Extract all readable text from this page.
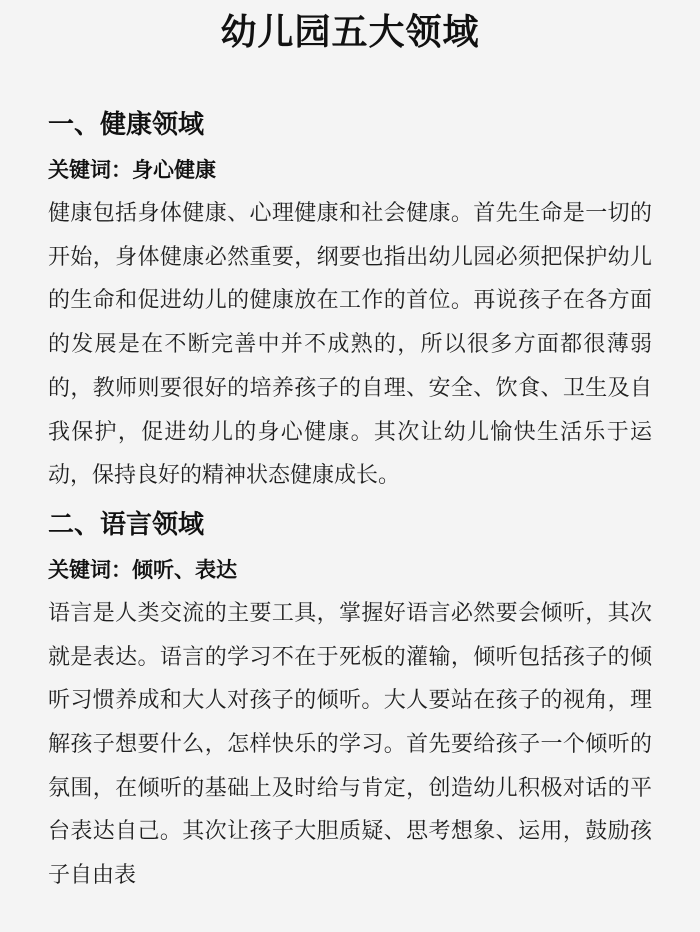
幼儿园五大领域
一、健康领域

关键词：身心健康

健康包括身体健康、心理健康和社会健康。首先生命是一切的开始，身体健康必然重要，纲要也指出幼儿园必须把保护幼儿的生命和促进幼儿的健康放在工作的首位。再说孩子在各方面的发展是在不断完善中并不成熟的，所以很多方面都很薄弱的，教师则要很好的培养孩子的自理、安全、饮食、卫生及自我保护，促进幼儿的身心健康。其次让幼儿愉快生活乐于运动，保持良好的精神状态健康成长。

二、语言领域

关键词：倾听、表达

语言是人类交流的主要工具，掌握好语言必然要会倾听，其次就是表达。语言的学习不在于死板的灌输，倾听包括孩子的倾听习惯养成和大人对孩子的倾听。大人要站在孩子的视角，理解孩子想要什么，怎样快乐的学习。首先要给孩子一个倾听的氛围，在倾听的基础上及时给与肯定，创造幼儿积极对话的平台表达自己。其次让孩子大胆质疑、思考想象、运用，鼓励孩子自由表
